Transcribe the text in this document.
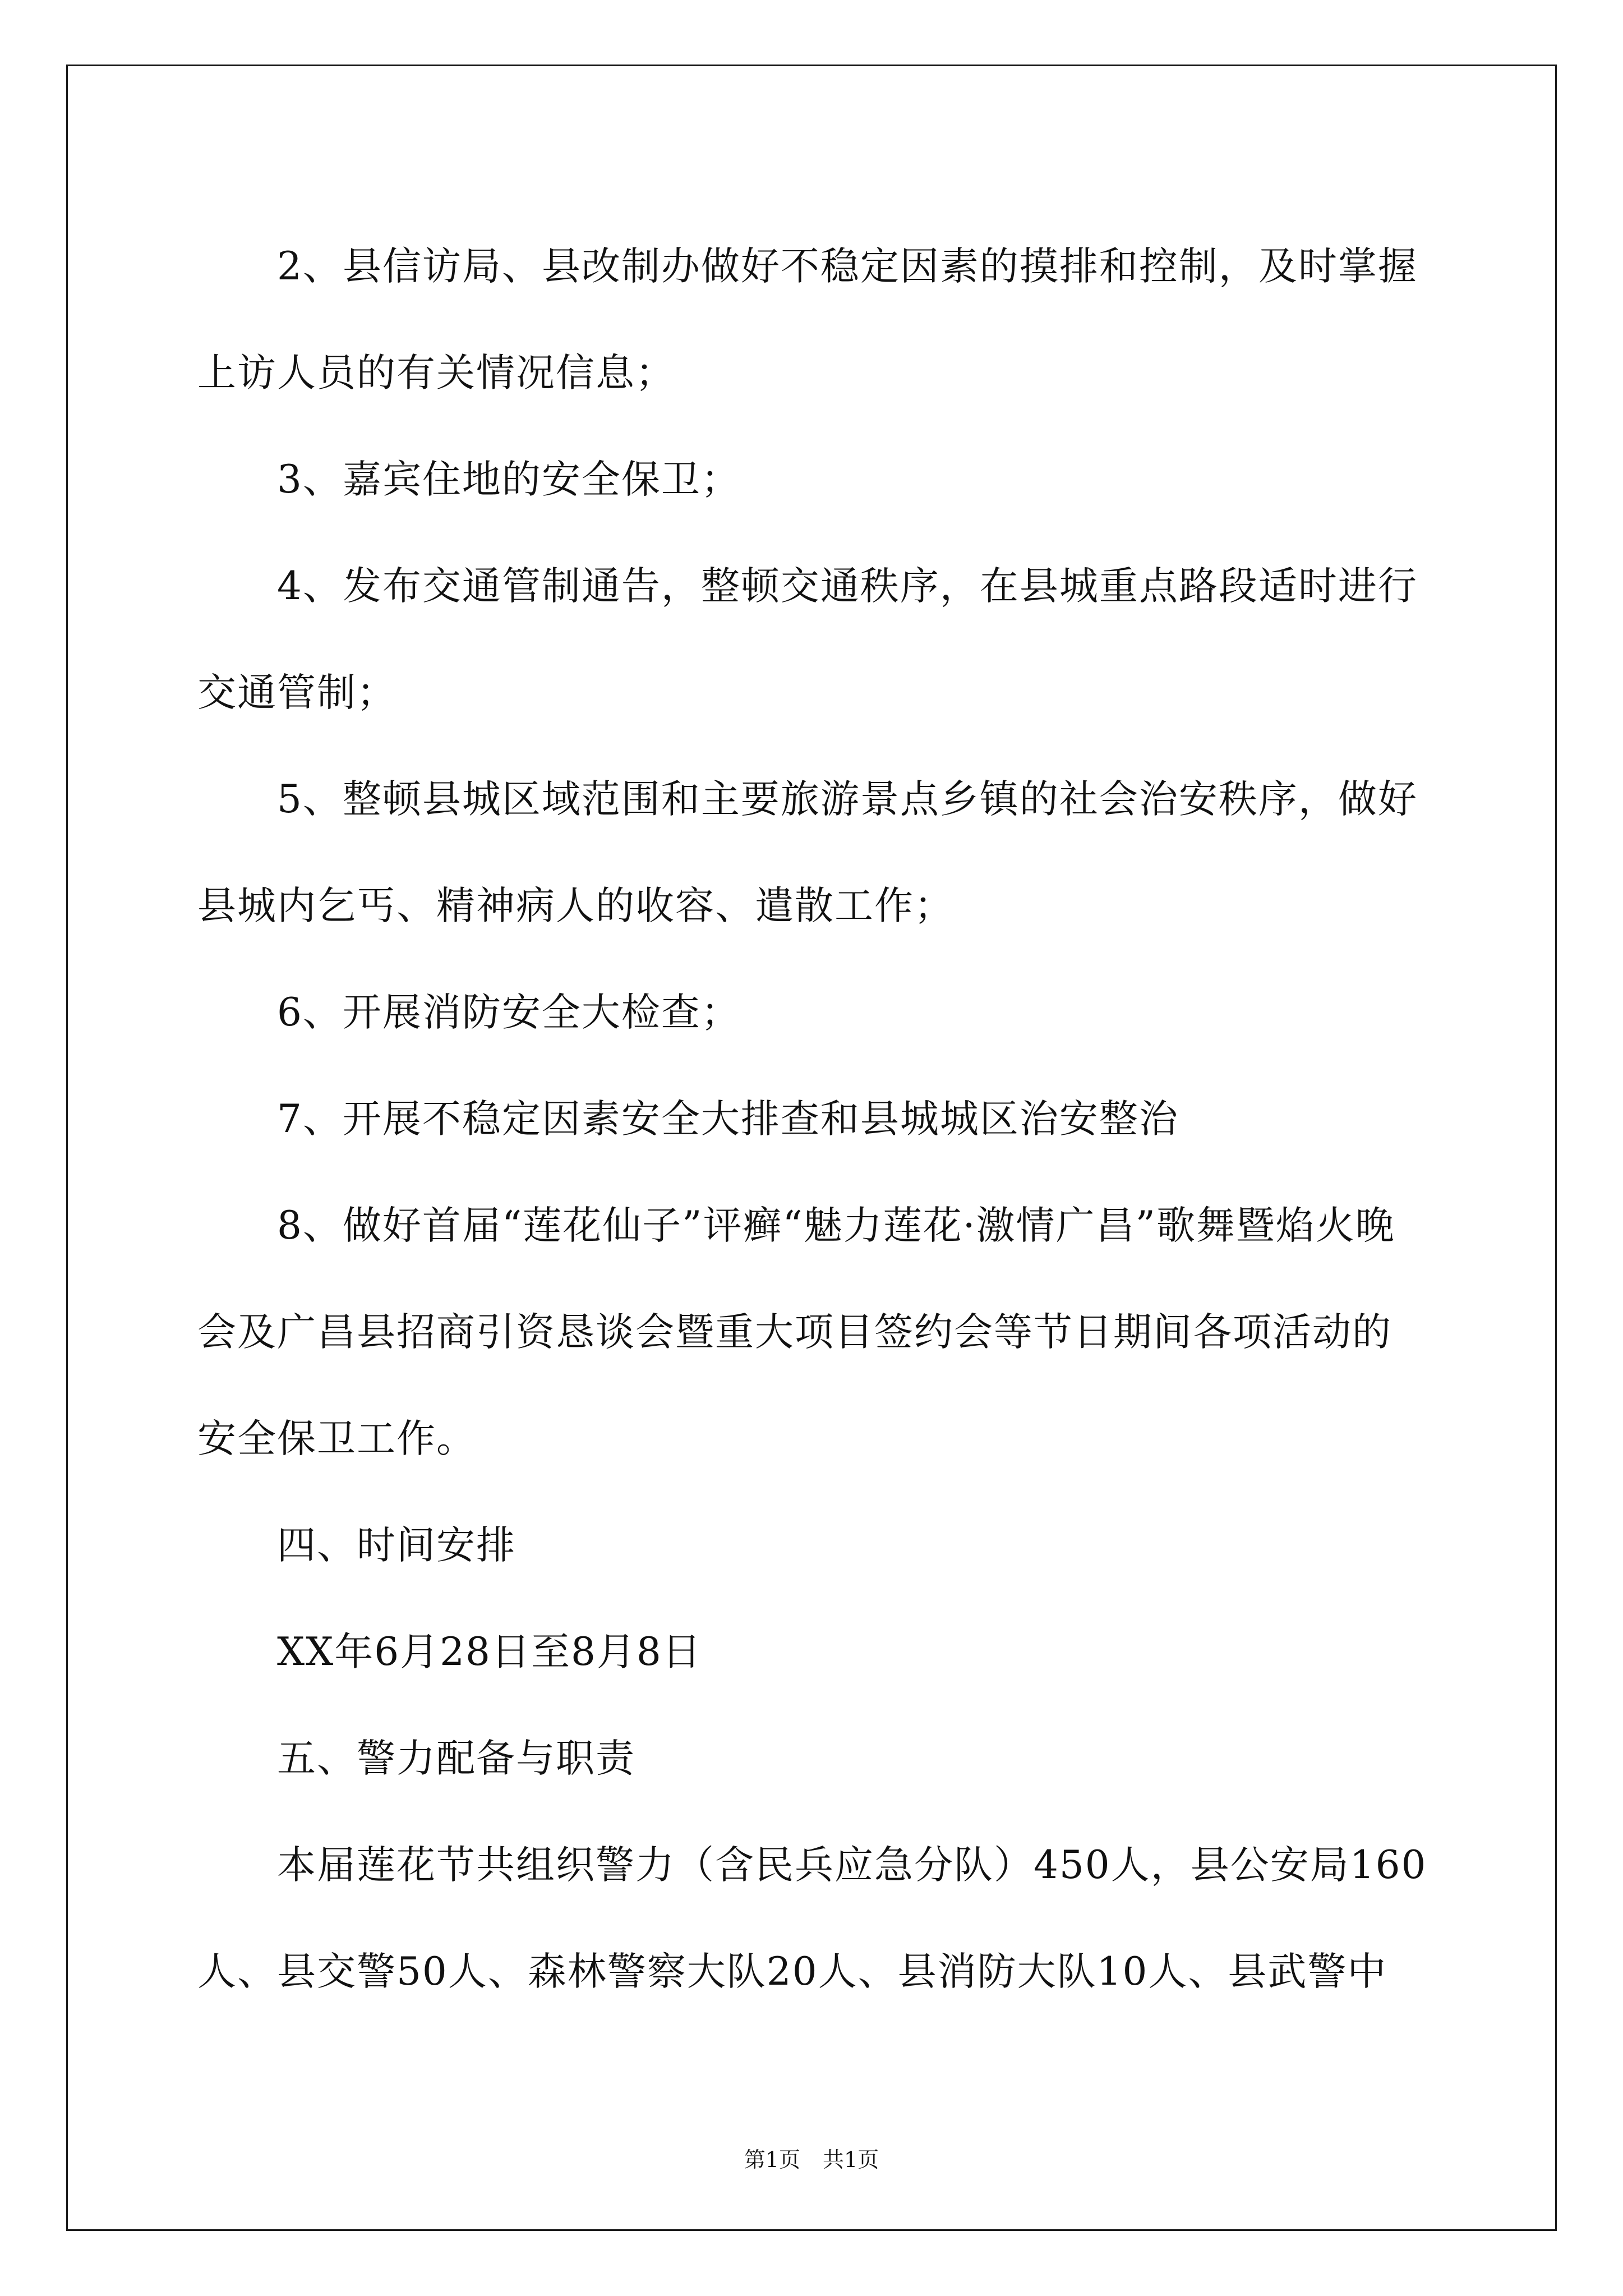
　　2、县信访局、县改制办做好不稳定因素的摸排和控制，及时掌握上访人员的有关情况信息；

　　3、嘉宾住地的安全保卫；

　　4、发布交通管制通告，整顿交通秩序，在县城重点路段适时进行交通管制；

　　5、整顿县城区域范围和主要旅游景点乡镇的社会治安秩序，做好县城内乞丐、精神病人的收容、遣散工作；

　　6、开展消防安全大检查；

　　7、开展不稳定因素安全大排查和县城城区治安整治

　　8、做好首届“莲花仙子”评癣“魅力莲花·激情广昌”歌舞暨焰火晚会及广昌县招商引资恳谈会暨重大项目签约会等节日期间各项活动的安全保卫工作。

　　四、时间安排

　　XX年6月28日至8月8日

　　五、警力配备与职责

　　本届莲花节共组织警力（含民兵应急分队）450人，县公安局160人、县交警50人、森林警察大队20人、县消防大队10人、县武警中

第1页 共1页
